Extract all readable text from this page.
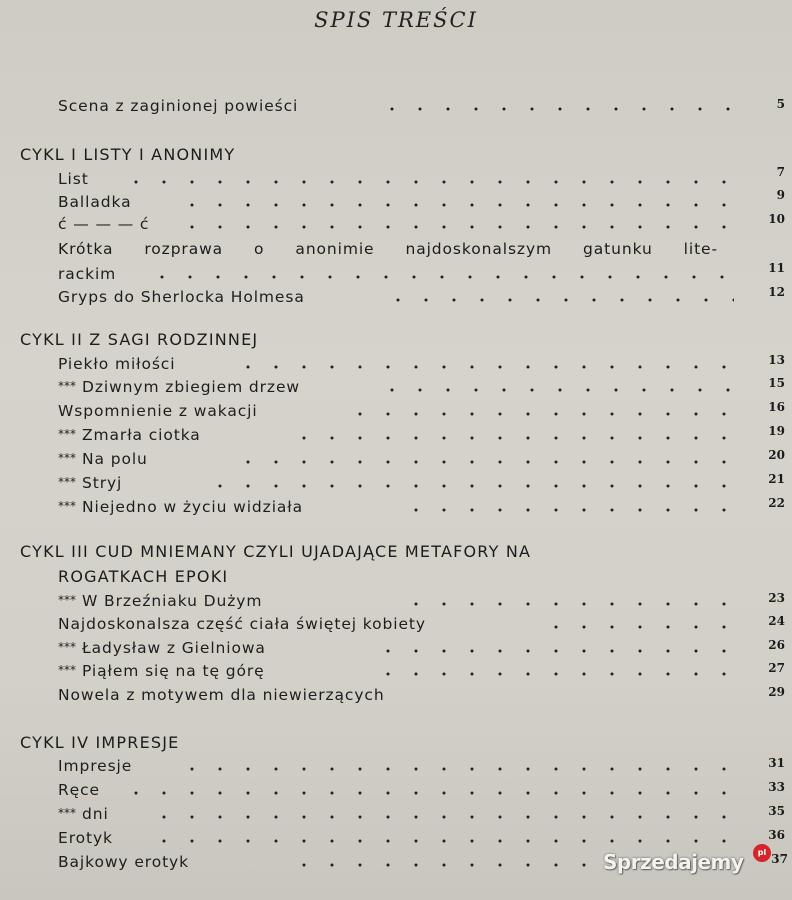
SPIS TREŚCI
Scena z zaginionej powieści	5
CYKL I LISTY I ANONIMY
List	7
Balladka	9
ć — — — ć	10
Krótka rozprawa o anonimie najdoskonalszym gatunku lite-
rackim	11
Gryps do Sherlocka Holmesa	12
CYKL II Z SAGI RODZINNEJ
Piekło miłości	13
*** Dziwnym zbiegiem drzew	15
Wspomnienie z wakacji	16
*** Zmarła ciotka	19
*** Na polu	20
*** Stryj	21
*** Niejedno w życiu widziała	22
CYKL III CUD MNIEMANY CZYLI UJADAJĄCE METAFORY NA
ROGATKACH EPOKI
*** W Brzeźniaku Dużym	23
Najdoskonalsza część ciała świętej kobiety	24
*** Ładysław z Gielniowa	26
*** Piąłem się na tę górę	27
Nowela z motywem dla niewierzących	29
CYKL IV IMPRESJE
Impresje	31
Ręce	33
*** dni	35
Erotyk	36
Bajkowy erotyk	37
Sprzedajemy	pl
